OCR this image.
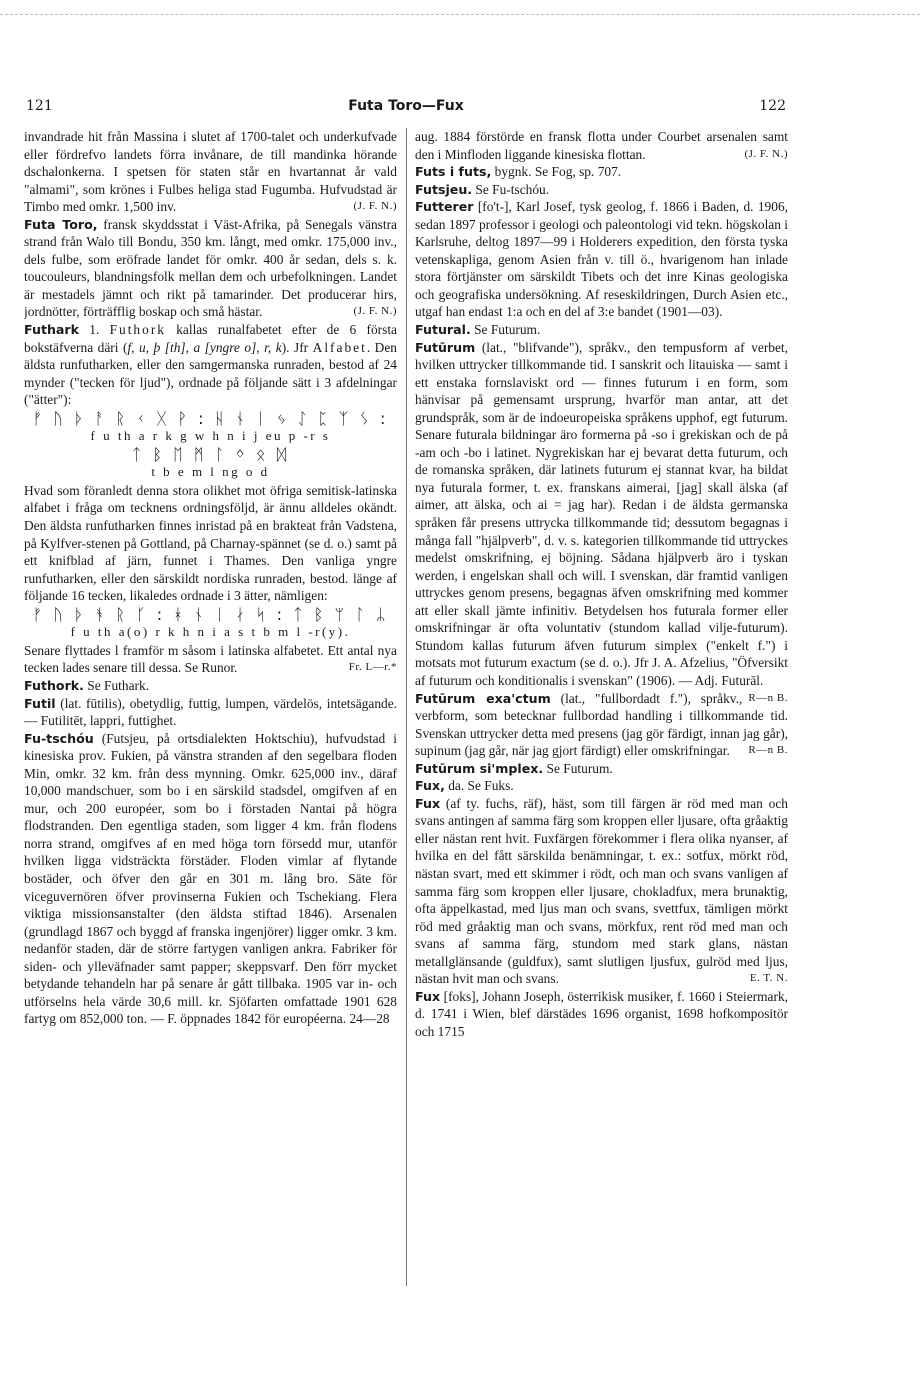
121	Futa Toro—Fux	122

invandrade hit från Massina i slutet af 1700-talet och underkufvade eller fördrefvo landets förra invånare, de till mandinka hörande dschalonkerna. I spetsen för staten står en hvartannat år vald "almami", som krönes i Fulbes heliga stad Fugumba. Hufvudstad är Timbo med omkr. 1,500 inv.	(J. F. N.)

Futa Toro, fransk skyddsstat i Väst-Afrika, på Senegals vänstra strand från Walo till Bondu, 350 km. långt, med omkr. 175,000 inv., dels fulbe, som eröfrade landet för omkr. 400 år sedan, dels s. k. toucouleurs, blandningsfolk mellan dem och urbefolkningen. Landet är mestadels jämnt och rikt på tamarinder. Det producerar hirs, jordnötter, förträfflig boskap och små hästar.	(J. F. N.)

Futhark 1. Futhork kallas runalfabetet efter de 6 första bokstäfverna däri (f, u, þ [th], a [yngre o], r, k). Jfr Alfabet. Den äldsta runfutharken, eller den samgermanska runraden, bestod af 24 mynder ("tecken för ljud"), ordnade på följande sätt i 3 afdelningar ("ätter"):

ᚠ ᚢ ᚦ ᚨ ᚱ ᚲ ᚷ ᚹ : ᚺ ᚾ ᛁ ᛃ ᛇ ᛈ ᛉ ᛊ :
f u th a r k g w h n i j eu p -r s
ᛏ ᛒ ᛖ ᛗ ᛚ ᛜ ᛟ ᛞ
t b e m l ng o d

Hvad som föranledt denna stora olikhet mot öfriga semitisk-latinska alfabet i fråga om tecknens ordningsföljd, är ännu alldeles okändt. Den äldsta runfutharken finnes inristad på en brakteat från Vadstena, på Kylfver-stenen på Gottland, på Charnay-spännet (se d. o.) samt på ett knifblad af järn, funnet i Thames. Den vanliga yngre runfutharken, eller den särskildt nordiska runraden, bestod. länge af följande 16 tecken, likaledes ordnade i 3 ätter, nämligen:

ᚠ ᚢ ᚦ ᚬ ᚱ ᚴ : ᚼ ᚾ ᛁ ᛅ ᛋ : ᛏ ᛒ ᛘ ᛚ ᛦ
f u th a(o) r k h n i a s t b m l -r(y).

Senare flyttades l framför m såsom i latinska alfabetet. Ett antal nya tecken lades senare till dessa. Se Runor.	Fr. L—r.*

Futhork. Se Futhark.

Futil (lat. fūtilis), obetydlig, futtig, lumpen, värdelös, intetsägande. — Futilitēt, lappri, futtighet.

Fu-tschóu (Futsjeu, på ortsdialekten Hoktschiu), hufvudstad i kinesiska prov. Fukien, på vänstra stranden af den segelbara floden Min, omkr. 32 km. från dess mynning. Omkr. 625,000 inv., däraf 10,000 mandschuer, som bo i en särskild stadsdel, omgifven af en mur, och 200 européer, som bo i förstaden Nantai på högra flodstranden. Den egentliga staden, som ligger 4 km. från flodens norra strand, omgifves af en med höga torn försedd mur, utanför hvilken ligga vidsträckta förstäder. Floden vimlar af flytande bostäder, och öfver den går en 301 m. lång bro. Säte för viceguvernören öfver provinserna Fukien och Tschekiang. Flera viktiga missionsanstalter (den äldsta stiftad 1846). Arsenalen (grundlagd 1867 och byggd af franska ingenjörer) ligger omkr. 3 km. nedanför staden, där de större fartygen vanligen ankra. Fabriker för siden- och ylleväfnader samt papper; skeppsvarf. Den förr mycket betydande tehandeln har på senare år gått tillbaka. 1905 var in- och utförselns hela värde 30,6 mill. kr. Sjöfarten omfattade 1901 628 fartyg om 852,000 ton. — F. öppnades 1842 för européerna. 24—28

aug. 1884 förstörde en fransk flotta under Courbet arsenalen samt den i Minfloden liggande kinesiska flottan.	(J. F. N.)

Futs i futs, bygnk. Se Fog, sp. 707.

Futsjeu. Se Fu-tschóu.

Futterer [fo't-], Karl Josef, tysk geolog, f. 1866 i Baden, d. 1906, sedan 1897 professor i geologi och paleontologi vid tekn. högskolan i Karlsruhe, deltog 1897—99 i Holderers expedition, den första tyska vetenskapliga, genom Asien från v. till ö., hvarigenom han inlade stora förtjänster om särskildt Tibets och det inre Kinas geologiska och geografiska undersökning. Af reseskildringen, Durch Asien etc., utgaf han endast 1:a och en del af 3:e bandet (1901—03).

Futural. Se Futurum.

Futūrum (lat., "blifvande"), språkv., den tempusform af verbet, hvilken uttrycker tillkommande tid. I sanskrit och litauiska — samt i ett enstaka fornslaviskt ord — finnes futurum i en form, som hänvisar på gemensamt ursprung, hvarför man antar, att det grundspråk, som är de indoeuropeiska språkens upphof, egt futurum. Senare futurala bildningar äro formerna på -so i grekiskan och de på -am och -bo i latinet. Nygrekiskan har ej bevarat detta futurum, och de romanska språken, där latinets futurum ej stannat kvar, ha bildat nya futurala former, t. ex. franskans aimerai, [jag] skall älska (af aimer, att älska, och ai = jag har). Redan i de äldsta germanska språken får presens uttrycka tillkommande tid; dessutom begagnas i många fall "hjälpverb", d. v. s. kategorien tillkommande tid uttryckes medelst omskrifning, ej böjning. Sådana hjälpverb äro i tyskan werden, i engelskan shall och will. I svenskan, där framtid vanligen uttryckes genom presens, begagnas äfven omskrifning med kommer att eller skall jämte infinitiv. Betydelsen hos futurala former eller omskrifningar är ofta voluntativ (stundom kallad vilje-futurum). Stundom kallas futurum äfven futurum simplex ("enkelt f.") i motsats mot futurum exactum (se d. o.). Jfr J. A. Afzelius, "Öfversikt af futurum och konditionalis i svenskan" (1906). — Adj. Futurāl.
R—n B.

Futūrum exa'ctum (lat., "fullbordadt f."), språkv., verbform, som betecknar fullbordad handling i tillkommande tid. Svenskan uttrycker detta med presens (jag gör färdigt, innan jag går), supinum (jag går, när jag gjort färdigt) eller omskrifningar. R—n B.

Futūrum si'mplex. Se Futurum.

Fux, da. Se Fuks.

Fux (af ty. fuchs, räf), häst, som till färgen är röd med man och svans antingen af samma färg som kroppen eller ljusare, ofta gråaktig eller nästan rent hvit. Fuxfärgen förekommer i flera olika nyanser, af hvilka en del fått särskilda benämningar, t. ex.: sotfux, mörkt röd, nästan svart, med ett skimmer i rödt, och man och svans vanligen af samma färg som kroppen eller ljusare, chokladfux, mera brunaktig, ofta äppelkastad, med ljus man och svans, svettfux, tämligen mörkt röd med gråaktig man och svans, mörkfux, rent röd med man och svans af samma färg, stundom med stark glans, nästan metallglänsande (guldfux), samt slutligen ljusfux, gulröd med ljus, nästan hvit man och svans.	E. T. N.

Fux [foks], Johann Joseph, österrikisk musiker, f. 1660 i Steiermark, d. 1741 i Wien, blef därstädes 1696 organist, 1698 hofkompositör och 1715
